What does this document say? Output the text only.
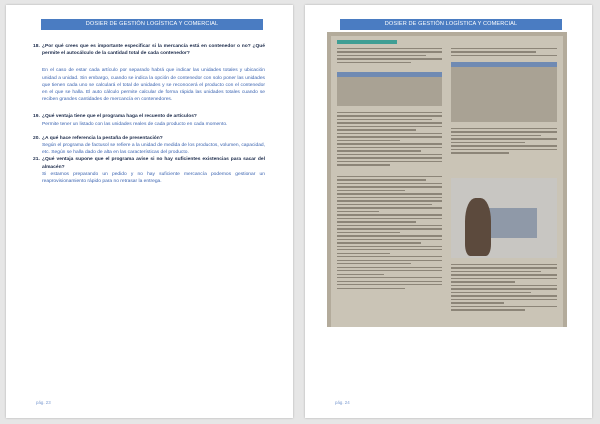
DOSIER DE GESTIÓN LOGÍSTICA Y COMERCIAL
18. ¿Por qué crees que es importante especificar si la mercancía está en contenedor o no? ¿Qué permite el autocálculo de la cantidad total de cada contenedor?
En el caso de estar cada artículo por separado habrá que indicar las unidades totales y ubicación unidad a unidad. Sin embargo, cuando se indica la opción de contenedor con solo poner las unidades que tienen cada uno se calculará el total de unidades y se reconocerá el producto con el contenedor en el que se halla. El auto cálculo permite calcular de forma rápida las unidades totales cuando se reciben grandes cantidades de mercancía en contenedores.
19. ¿Qué ventaja tiene que el programa haga el recuento de artículos?
Permite tener un listado con las unidades reales de cada producto en cada momento.
20. ¿A qué hace referencia la pestaña de presentación?
Según el programa de factusol se refiere a la unidad de medida de los productos, volumen, capacidad, etc. Según se halla dado de alta en las características del producto.
21. ¿Qué ventaja supone que el programa avise si no hay suficientes existencias para sacar del almacén?
Si estamos preparando un pedido y no hay suficiente mercancía podemos gestionar un reaprovisionamiento rápido para no retrasar la entrega.
pág. 23
DOSIER DE GESTIÓN LOGÍSTICA Y COMERCIAL
pág. 24
